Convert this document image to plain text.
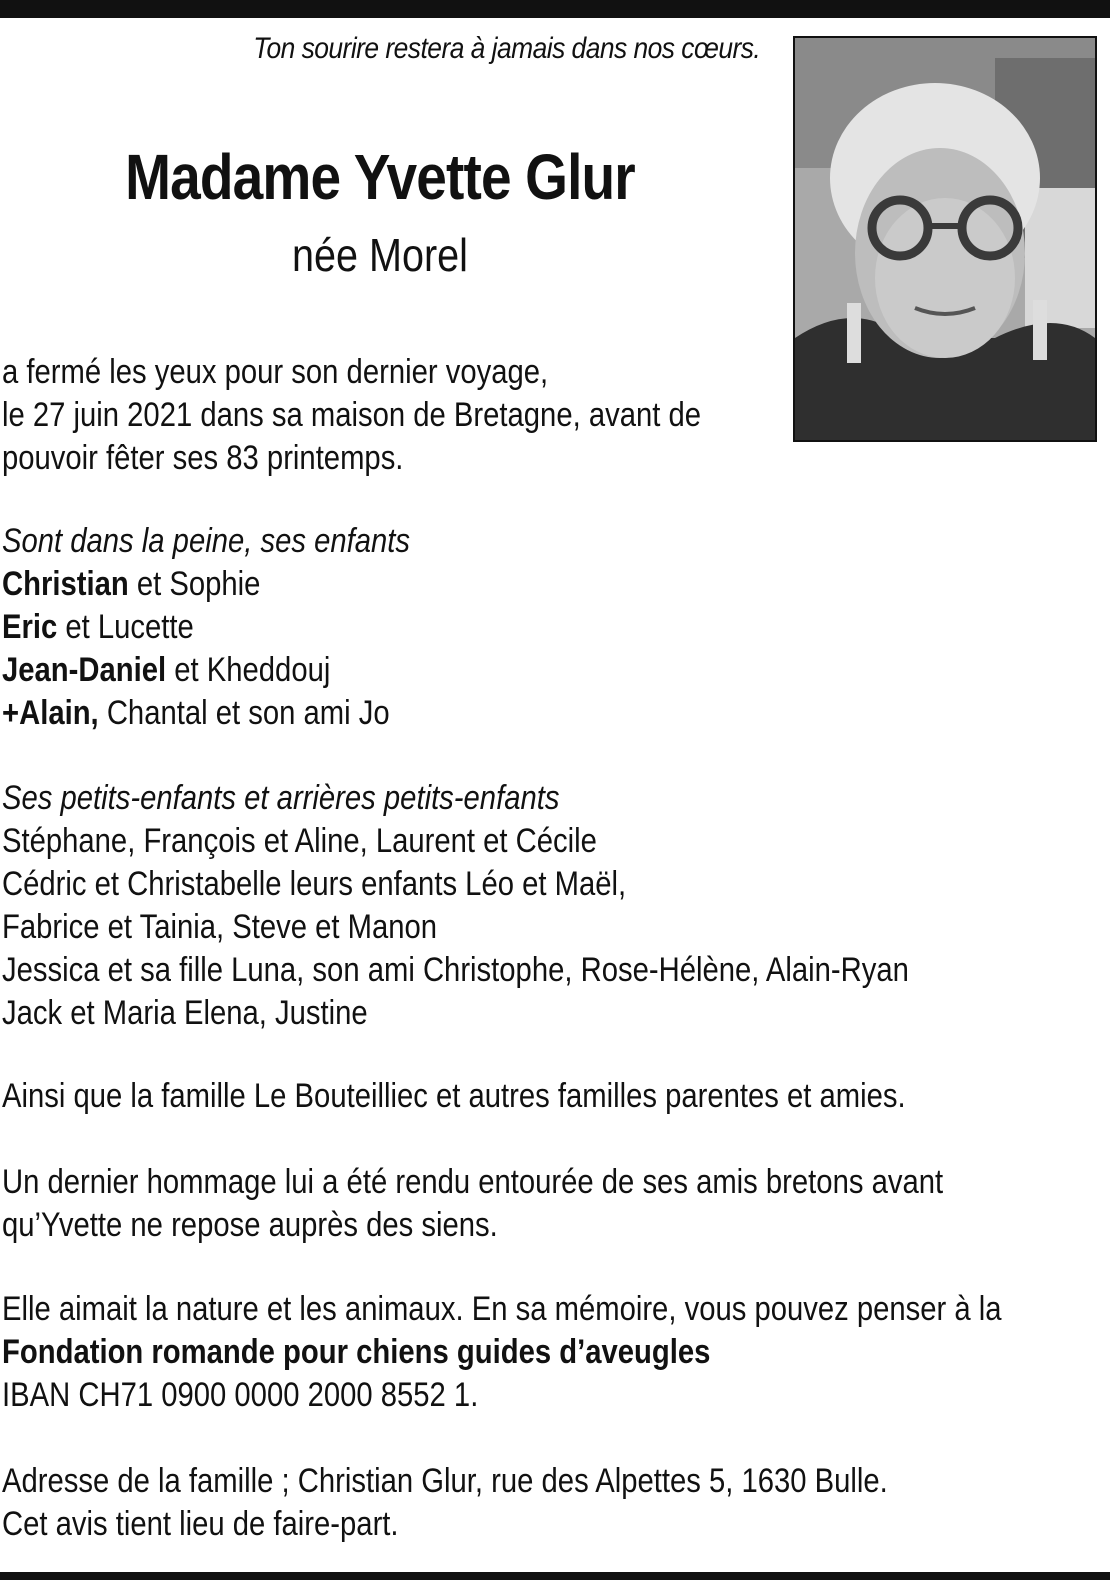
Ton sourire restera à jamais dans nos cœurs.
Madame Yvette Glur
née Morel
a fermé les yeux pour son dernier voyage,
le 27 juin 2021 dans sa maison de Bretagne, avant de
pouvoir fêter ses 83 printemps.
Sont dans la peine, ses enfants
Christian et Sophie
Eric et Lucette
Jean-Daniel et Kheddouj
+Alain, Chantal et son ami Jo
Ses petits-enfants et arrières petits-enfants
Stéphane, François et Aline, Laurent et Cécile
Cédric et Christabelle leurs enfants Léo et Maël,
Fabrice et Tainia, Steve et Manon
Jessica et sa fille Luna, son ami Christophe, Rose-Hélène, Alain-Ryan
Jack et Maria Elena, Justine
Ainsi que la famille Le Bouteilliec et autres familles parentes et amies.
Un dernier hommage lui a été rendu entourée de ses amis bretons avant
qu’Yvette ne repose auprès des siens.
Elle aimait la nature et les animaux. En sa mémoire, vous pouvez penser à la
Fondation romande pour chiens guides d’aveugles
IBAN CH71 0900 0000 2000 8552 1.
Adresse de la famille ; Christian Glur, rue des Alpettes 5, 1630 Bulle.
Cet avis tient lieu de faire-part.
